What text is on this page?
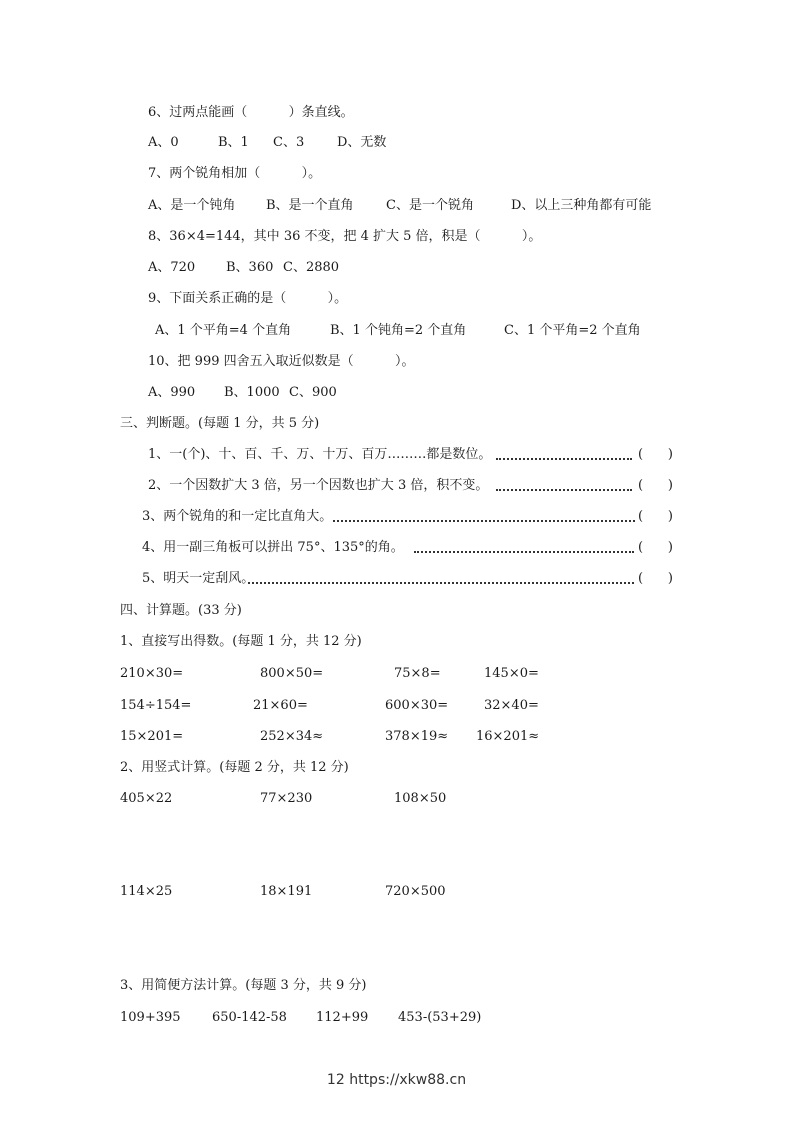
6、过两点能画（          ）条直线。
A、0	B、1 C、3	D、无数
7、两个锐角相加（          ）。
A、是一个钝角 B、是一个直角 C、是一个锐角	D、以上三种角都有可能
8、36×4=144，其中 36 不变，把 4 扩大 5 倍，积是（          ）。
A、720 B、360 C、2880
9、下面关系正确的是（          ）。
A、1 个平角=4 个直角	B、1 个钝角=2 个直角	C、1 个平角=2 个直角
10、把 999 四舍五入取近似数是（          ）。
A、990 B、1000 C、900
三、判断题。(每题 1 分，共 5 分)
1、一(个)、十、百、千、万、十万、百万………都是数位。	(      )
2、一个因数扩大 3 倍，另一个因数也扩大 3 倍，积不变。	(      )
3、两个锐角的和一定比直角大。	(      )
4、用一副三角板可以拼出 75°、135°的角。	(      )
5、明天一定刮风。	(      )
四、计算题。(33 分)
1、直接写出得数。(每题 1 分，共 12 分)
210×30=	800×50=	75×8=	145×0=
154÷154=	21×60=	600×30=	32×40=
15×201=	252×34≈	378×19≈ 16×201≈
2、用竖式计算。(每题 2 分，共 12 分)
405×22	77×230	108×50
114×25	18×191	720×500
3、用简便方法计算。(每题 3 分，共 9 分)
109+395 650-142-58 112+99 453-(53+29)
12 https://xkw88.cn
